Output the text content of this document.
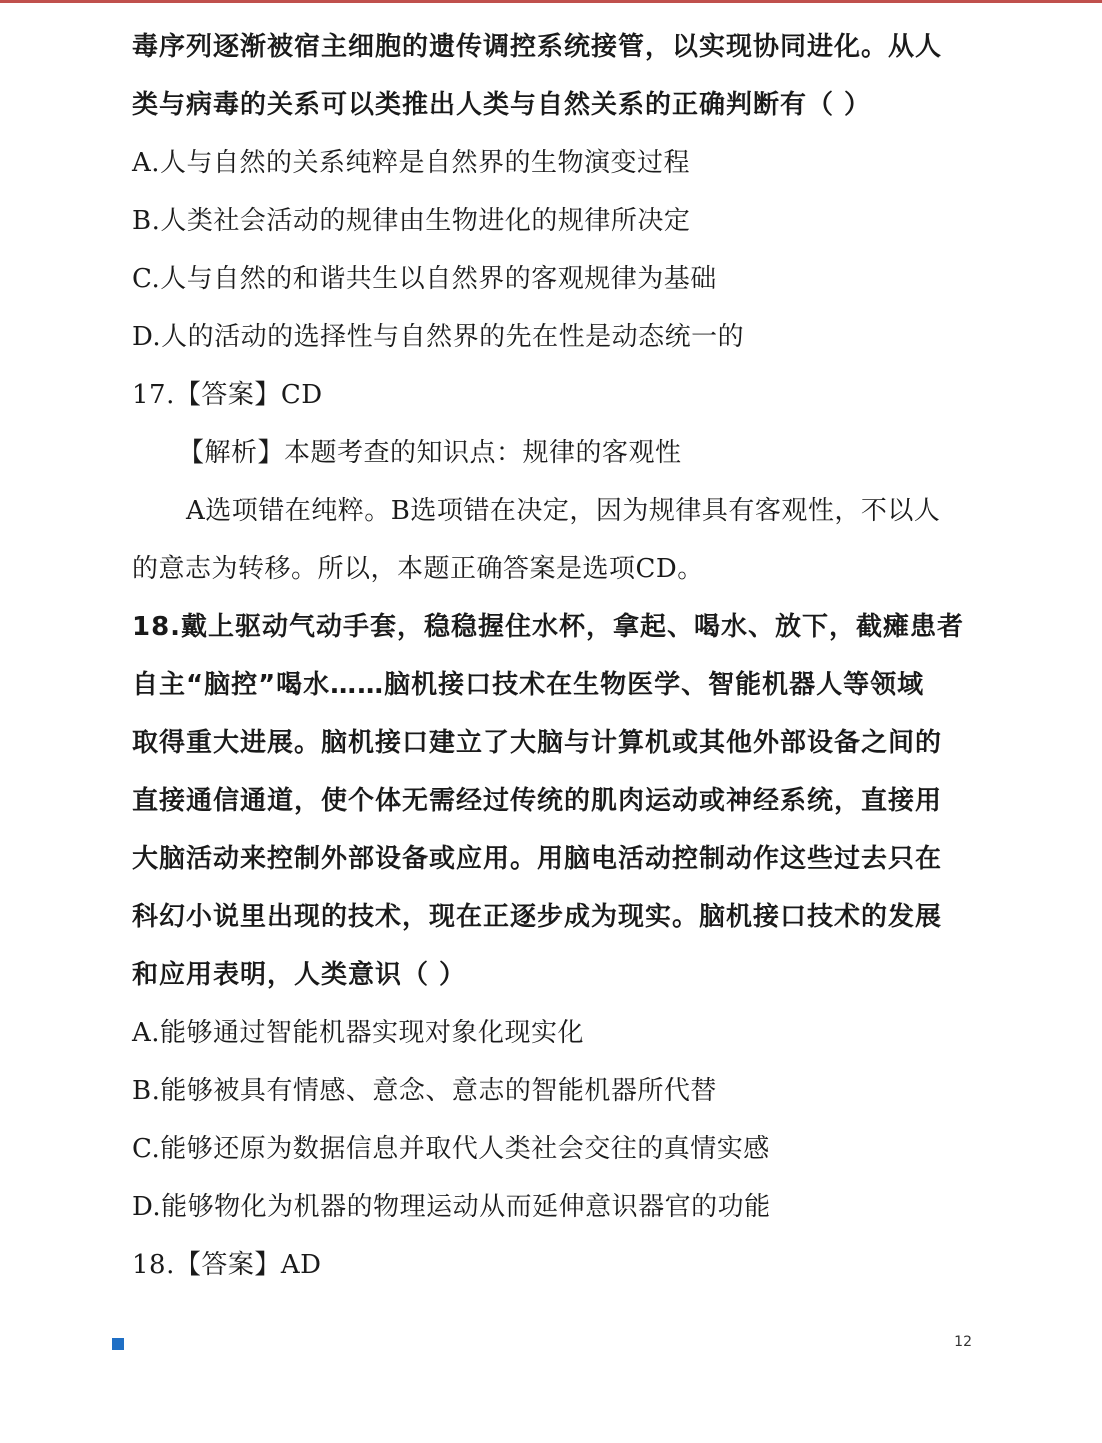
毒序列逐渐被宿主细胞的遗传调控系统接管，以实现协同进化。从人
类与病毒的关系可以类推出人类与自然关系的正确判断有（ ）
A.人与自然的关系纯粹是自然界的生物演变过程
B.人类社会活动的规律由生物进化的规律所决定
C.人与自然的和谐共生以自然界的客观规律为基础
D.人的活动的选择性与自然界的先在性是动态统一的
17.【答案】CD
【解析】本题考查的知识点：规律的客观性
A选项错在纯粹。B选项错在决定，因为规律具有客观性，不以人
的意志为转移。所以，本题正确答案是选项CD。
18.戴上驱动气动手套，稳稳握住水杯，拿起、喝水、放下，截瘫患者
自主“脑控”喝水……脑机接口技术在生物医学、智能机器人等领域
取得重大进展。脑机接口建立了大脑与计算机或其他外部设备之间的
直接通信通道，使个体无需经过传统的肌肉运动或神经系统，直接用
大脑活动来控制外部设备或应用。用脑电活动控制动作这些过去只在
科幻小说里出现的技术，现在正逐步成为现实。脑机接口技术的发展
和应用表明，人类意识（ ）
A.能够通过智能机器实现对象化现实化
B.能够被具有情感、意念、意志的智能机器所代替
C.能够还原为数据信息并取代人类社会交往的真情实感
D.能够物化为机器的物理运动从而延伸意识器官的功能
18.【答案】AD
12
